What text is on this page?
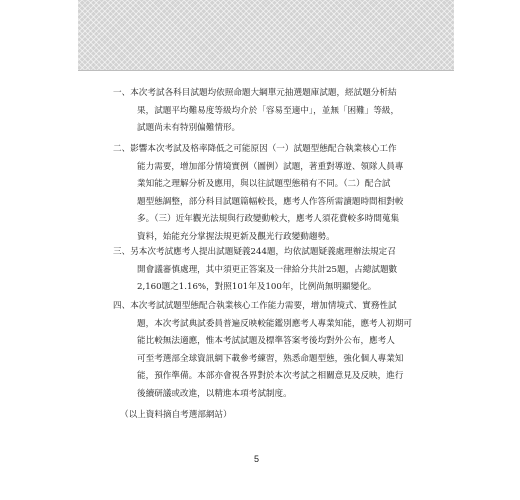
一、本次考試各科目試題均依照命題大綱單元抽選題庫試題，經試題分析結
果，試題平均難易度等級均介於「容易至適中」，並無「困難」等級，
試題尚未有特別偏難情形。
二、影響本次考試及格率降低之可能原因（一）試題型態配合執業核心工作
能力需要，增加部分情境實例（圖例）試題，著重對導遊、領隊人員專
業知能之理解分析及應用，與以往試題型態稍有不同。（二）配合試
題型態調整，部分科目試題篇幅較長，應考人作答所需讀題時間相對較
多。（三）近年觀光法規與行政變動較大，應考人須花費較多時間蒐集
資料，始能充分掌握法規更新及觀光行政變動趨勢。
三、另本次考試應考人提出試題疑義244題，均依試題疑義處理辦法規定召
開會議審慎處理，其中須更正答案及一律給分共計25題，占總試題數
2,160題之1.16%，對照101年及100年，比例尚無明顯變化。
四、本次考試試題型態配合執業核心工作能力需要，增加情境式、實務性試
題，本次考試典試委員普遍反映較能鑑別應考人專業知能，應考人初期可
能比較無法適應，惟本考試試題及標準答案考後均對外公布，應考人
可至考選部全球資訊網下載參考練習，熟悉命題型態，強化個人專業知
能，預作準備。本部亦會視各界對於本次考試之相關意見及反映，進行
後續研議或改進，以精進本項考試制度。
（以上資料摘自考選部網站）
5
